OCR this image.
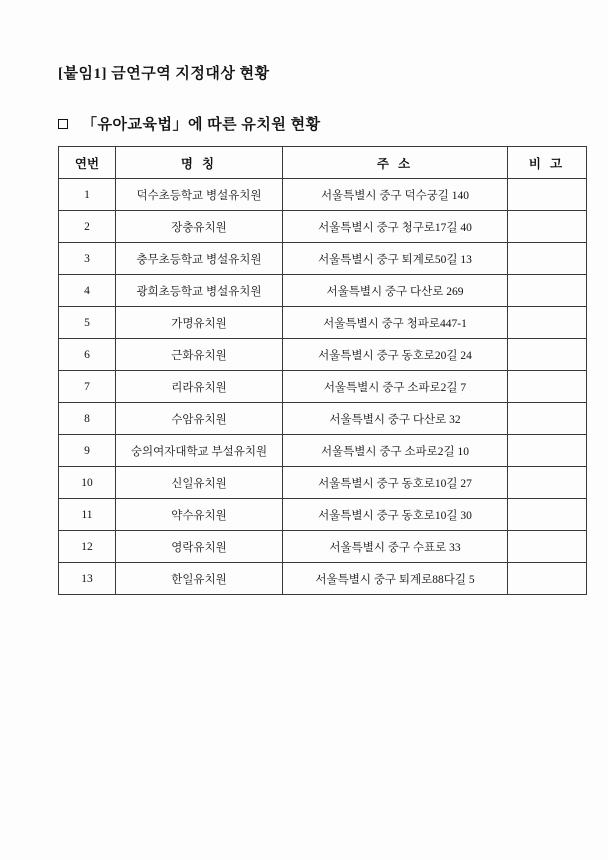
[붙임1] 금연구역 지정대상 현황
「유아교육법」에 따른 유치원 현황
연번	명 칭	주 소	비 고
1	덕수초등학교 병설유치원	서울특별시 중구 덕수궁길 140	
2	장충유치원	서울특별시 중구 청구로17길 40	
3	충무초등학교 병설유치원	서울특별시 중구 퇴계로50길 13	
4	광희초등학교 병설유치원	서울특별시 중구 다산로 269	
5	가명유치원	서울특별시 중구 청파로447-1	
6	근화유치원	서울특별시 중구 동호로20길 24	
7	리라유치원	서울특별시 중구 소파로2길 7	
8	수암유치원	서울특별시 중구 다산로 32	
9	숭의여자대학교 부설유치원	서울특별시 중구 소파로2길 10	
10	신일유치원	서울특별시 중구 동호로10길 27	
11	약수유치원	서울특별시 중구 동호로10길 30	
12	영락유치원	서울특별시 중구 수표로 33	
13	한일유치원	서울특별시 중구 퇴계로88다길 5	
